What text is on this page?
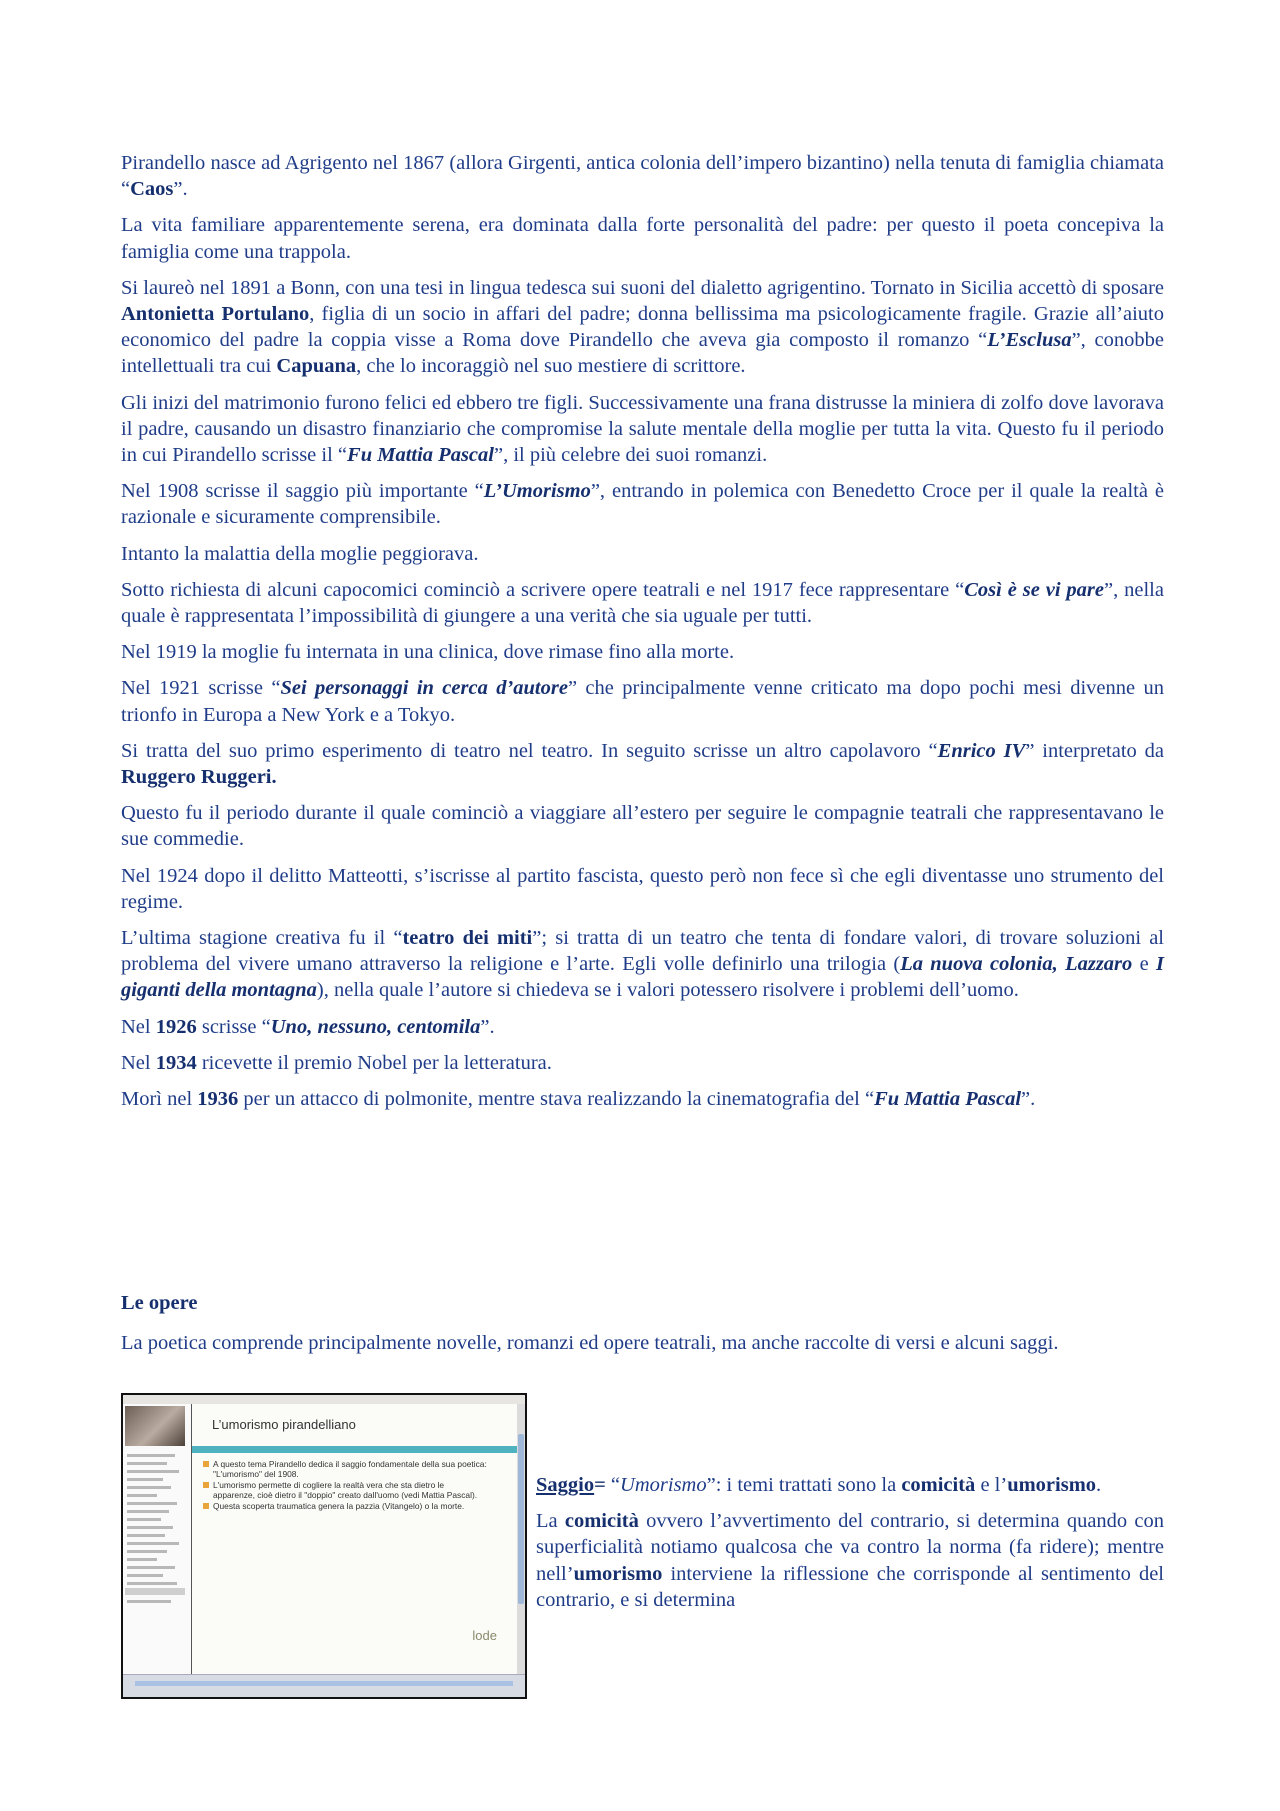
Pirandello nasce ad Agrigento nel 1867 (allora Girgenti, antica colonia dell’impero bizantino) nella tenuta di famiglia chiamata “Caos”.

La vita familiare apparentemente serena, era dominata dalla forte personalità del padre: per questo il poeta concepiva la famiglia come una trappola.

Si laureò nel 1891 a Bonn, con una tesi in lingua tedesca sui suoni del dialetto agrigentino. Tornato in Sicilia accettò di sposare Antonietta Portulano, figlia di un socio in affari del padre; donna bellissima ma psicologicamente fragile. Grazie all’aiuto economico del padre la coppia visse a Roma dove Pirandello che aveva gia composto il romanzo “L’Esclusa”, conobbe intellettuali tra cui Capuana, che lo incoraggiò nel suo mestiere di scrittore.

Gli inizi del matrimonio furono felici ed ebbero tre figli. Successivamente una frana distrusse la miniera di zolfo dove lavorava il padre, causando un disastro finanziario che compromise la salute mentale della moglie per tutta la vita. Questo fu il periodo in cui Pirandello scrisse il “Fu Mattia Pascal”, il più celebre dei suoi romanzi.

Nel 1908 scrisse il saggio più importante “L’Umorismo”, entrando in polemica con Benedetto Croce per il quale la realtà è razionale e sicuramente comprensibile.

Intanto la malattia della moglie peggiorava.

Sotto richiesta di alcuni capocomici cominciò a scrivere opere teatrali e nel 1917 fece rappresentare “Così è se vi pare”, nella quale è rappresentata l’impossibilità di giungere a una verità che sia uguale per tutti.

Nel 1919 la moglie fu internata in una clinica, dove rimase fino alla morte.

Nel 1921 scrisse “Sei personaggi in cerca d’autore” che principalmente venne criticato ma dopo pochi mesi divenne un trionfo in Europa a New York e a Tokyo.

Si tratta del suo primo esperimento di teatro nel teatro. In seguito scrisse un altro capolavoro “Enrico IV” interpretato da Ruggero Ruggeri.

Questo fu il periodo durante il quale cominciò a viaggiare all’estero per seguire le compagnie teatrali che rappresentavano le sue commedie.

Nel 1924 dopo il delitto Matteotti, s’iscrisse al partito fascista, questo però non fece sì che egli diventasse uno strumento del regime.

L’ultima stagione creativa fu il “teatro dei miti”; si tratta di un teatro che tenta di fondare valori, di trovare soluzioni al problema del vivere umano attraverso la religione e l’arte. Egli volle definirlo una trilogia (La nuova colonia, Lazzaro e I giganti della montagna), nella quale l’autore si chiedeva se i valori potessero risolvere i problemi dell’uomo.

Nel 1926 scrisse “Uno, nessuno, centomila”.

Nel 1934 ricevette il premio Nobel per la letteratura.

Morì nel 1936 per un attacco di polmonite, mentre stava realizzando la cinematografia del “Fu Mattia Pascal”.

Le opere

La poetica comprende principalmente novelle, romanzi ed opere teatrali, ma anche raccolte di versi e alcuni saggi.

L’umorismo pirandelliano

A questo tema Pirandello dedica il saggio fondamentale della sua poetica: "L'umorismo" del 1908.
L'umorismo permette di cogliere la realtà vera che sta dietro le apparenze, cioè dietro il "doppio" creato dall'uomo (vedi Mattia Pascal).
Questa scoperta traumatica genera la pazzia (Vitangelo) o la morte.
lode

Saggio= “Umorismo”: i temi trattati sono la comicità e l’umorismo.

La comicità ovvero l’avvertimento del contrario, si determina quando con superficialità notiamo qualcosa che va contro la norma (fa ridere); mentre nell’umorismo interviene la riflessione che corrisponde al sentimento del contrario, e si determina
